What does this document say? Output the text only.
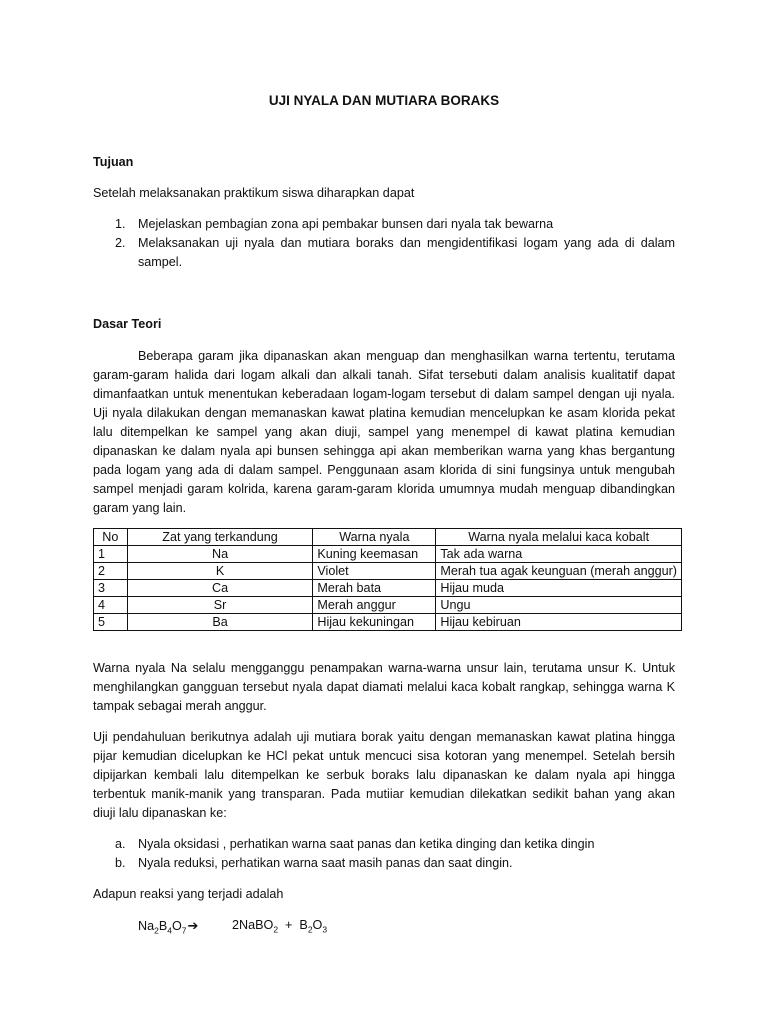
UJI NYALA DAN MUTIARA BORAKS
Tujuan
Setelah melaksanakan praktikum siswa diharapkan dapat
1. Mejelaskan pembagian zona api pembakar bunsen dari nyala tak bewarna
2. Melaksanakan uji nyala dan mutiara boraks dan mengidentifikasi logam yang ada di dalam sampel.
Dasar Teori
Beberapa garam jika dipanaskan akan menguap dan menghasilkan warna tertentu, terutama garam-garam halida dari logam alkali dan alkali tanah. Sifat tersebuti dalam analisis kualitatif dapat dimanfaatkan untuk menentukan keberadaan logam-logam tersebut di dalam sampel dengan uji nyala. Uji nyala dilakukan dengan memanaskan kawat platina kemudian mencelupkan ke asam klorida pekat lalu ditempelkan ke sampel yang akan diuji, sampel yang menempel di kawat platina kemudian dipanaskan ke dalam nyala api bunsen sehingga api akan memberikan warna yang khas bergantung pada logam yang ada di dalam sampel. Penggunaan asam klorida di sini fungsinya untuk mengubah sampel menjadi garam kolrida, karena garam-garam klorida umumnya mudah menguap dibandingkan garam yang lain.
No	Zat yang terkandung	Warna nyala	Warna nyala melalui kaca kobalt
1	Na	Kuning keemasan	Tak ada warna
2	K	Violet	Merah tua agak keunguan (merah anggur)
3	Ca	Merah bata	Hijau muda
4	Sr	Merah anggur	Ungu
5	Ba	Hijau kekuningan	Hijau kebiruan
Warna nyala Na selalu mengganggu penampakan warna-warna unsur lain, terutama unsur K. Untuk menghilangkan gangguan tersebut nyala dapat diamati melalui kaca kobalt rangkap, sehingga warna K tampak sebagai merah anggur.
Uji pendahuluan berikutnya adalah uji mutiara borak yaitu dengan memanaskan kawat platina hingga pijar kemudian dicelupkan ke HCl pekat untuk mencuci sisa kotoran yang menempel. Setelah bersih dipijarkan kembali lalu ditempelkan ke serbuk boraks lalu dipanaskan ke dalam nyala api hingga terbentuk manik-manik yang transparan. Pada mutiiar kemudian dilekatkan sedikit bahan yang akan diuji lalu dipanaskan ke:
a. Nyala oksidasi , perhatikan warna saat panas dan ketika dinging dan ketika dingin
b. Nyala reduksi, perhatikan warna saat masih panas dan saat dingin.
Adapun reaksi yang terjadi adalah
$Na_2B_4O_7➔$	2NaBO$_2$  +  $B_2O_3$
